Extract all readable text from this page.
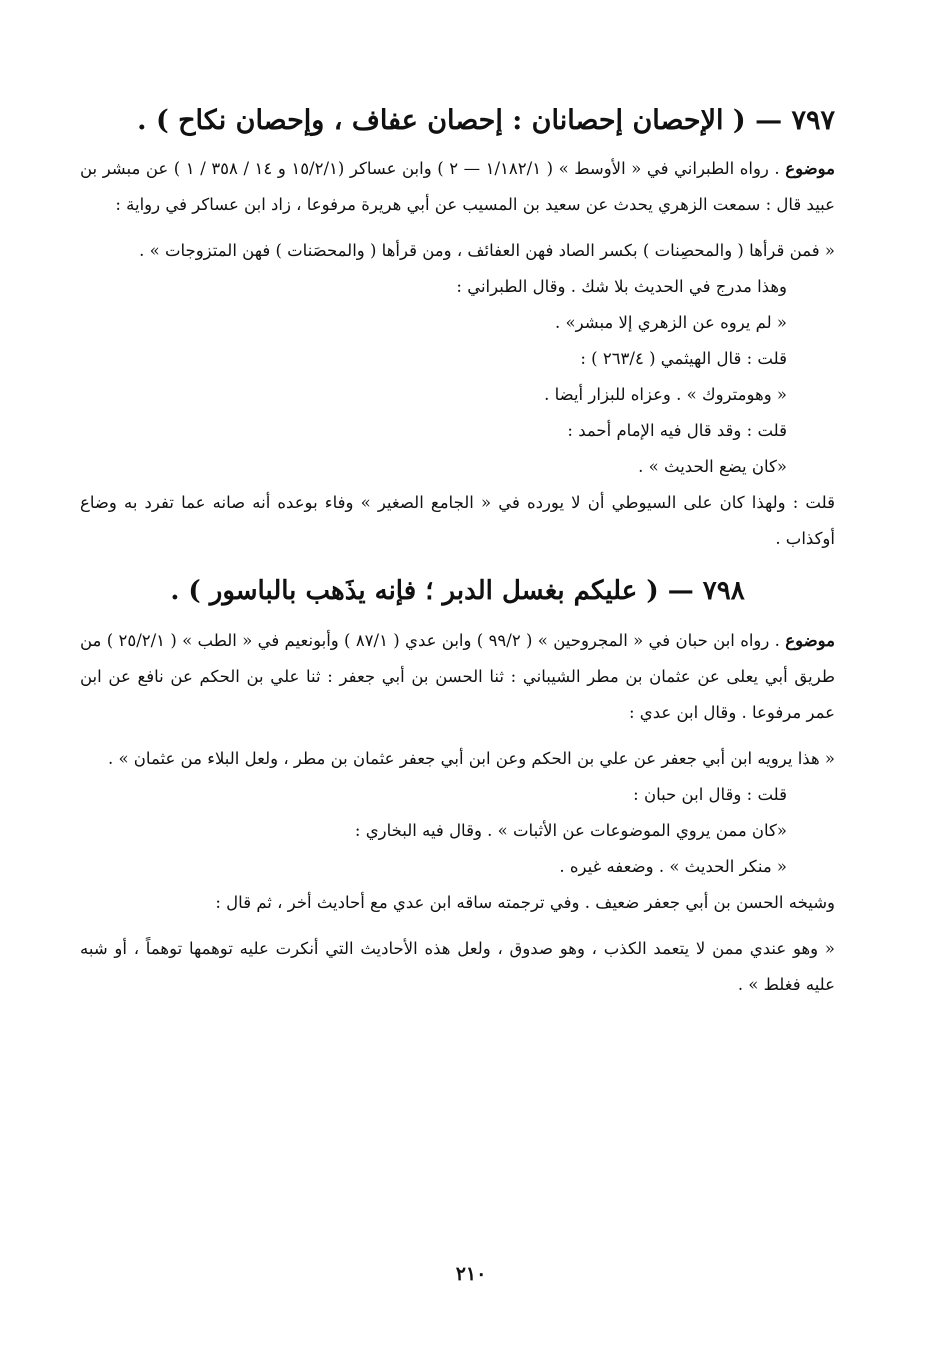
٧٩٧ — ( الإحصان إحصانان : إحصان عفاف ، وإحصان نكاح ) .

موضوع . رواه الطبراني في « الأوسط » ( ١/١٨٢/١ — ٢ ) وابن عساكر (١٥/٢/١ و ١٤ / ٣٥٨ / ١ ) عن مبشر بن عبيد قال : سمعت الزهري يحدث عن سعيد بن المسيب عن أبي هريرة مرفوعا ، زاد ابن عساكر في رواية :

« فمن قرأها ( والمحصِنات ) بكسر الصاد فهن العفائف ، ومن قرأها ( والمحصَنات ) فهن المتزوجات » .

وهذا مدرج في الحديث بلا شك . وقال الطبراني :

« لم يروه عن الزهري إلا مبشر» .

قلت : قال الهيثمي ( ٢٦٣/٤ ) :

« وهومتروك » . وعزاه للبزار أيضا .

قلت : وقد قال فيه الإمام أحمد :

«كان يضع الحديث » .

قلت : ولهذا كان على السيوطي أن لا يورده في « الجامع الصغير » وفاء بوعده أنه صانه عما تفرد به وضاع أوكذاب .

٧٩٨ — ( عليكم بغسل الدبر ؛ فإنه يذَهب بالباسور ) .

موضوع . رواه ابن حبان في « المجروحين » ( ٩٩/٢ ) وابن عدي ( ٨٧/١ ) وأبونعيم في « الطب » ( ٢٥/٢/١ ) من طريق أبي يعلى عن عثمان بن مطر الشيباني : ثنا الحسن بن أبي جعفر : ثنا علي بن الحكم عن نافع عن ابن عمر مرفوعا . وقال ابن عدي :

« هذا يرويه ابن أبي جعفر عن علي بن الحكم وعن ابن أبي جعفر عثمان بن مطر ، ولعل البلاء من عثمان » .

قلت : وقال ابن حبان :

«كان ممن يروي الموضوعات عن الأثبات » . وقال فيه البخاري :

« منكر الحديث » . وضعفه غيره .

وشيخه الحسن بن أبي جعفر ضعيف . وفي ترجمته ساقه ابن عدي مع أحاديث أخر ، ثم قال :

« وهو عندي ممن لا يتعمد الكذب ، وهو صدوق ، ولعل هذه الأحاديث التي أنكرت عليه توهمها توهماً ، أو شبه عليه فغلط » .

٢١٠
